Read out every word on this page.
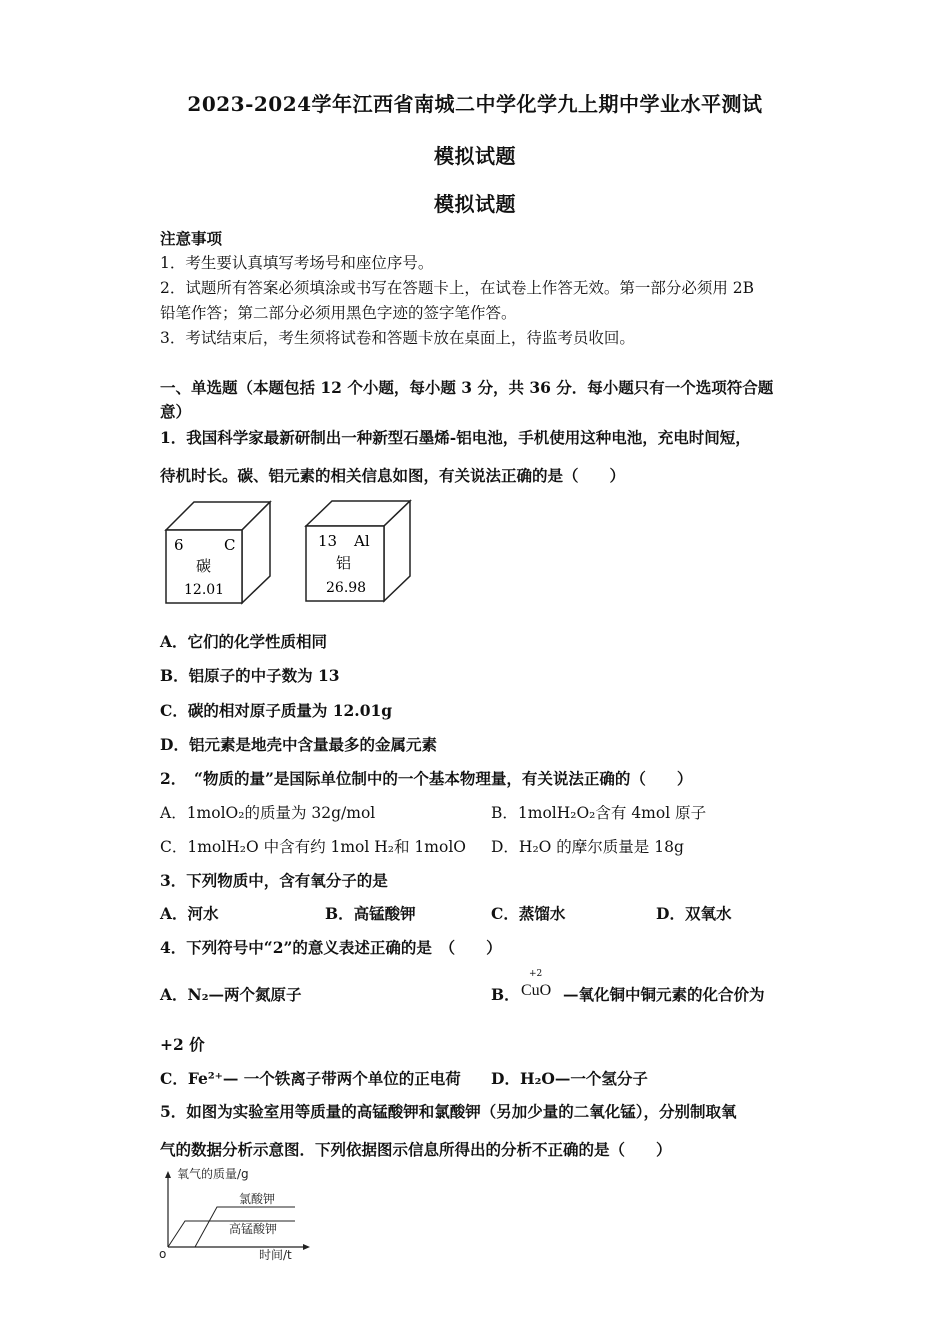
2023-2024学年江西省南城二中学化学九上期中学业水平测试
模拟试题
模拟试题
注意事项
1．考生要认真填写考场号和座位序号。
2．试题所有答案必须填涂或书写在答题卡上，在试卷上作答无效。第一部分必须用 2B
铅笔作答；第二部分必须用黑色字迹的签字笔作答。
3．考试结束后，考生须将试卷和答题卡放在桌面上，待监考员收回。
一、单选题（本题包括 12 个小题，每小题 3 分，共 36 分．每小题只有一个选项符合题
意）
1．我国科学家最新研制出一种新型石墨烯-铝电池，手机使用这种电池，充电时间短，
待机时长。碳、铝元素的相关信息如图，有关说法正确的是（　　）
6	C
碳
12.01
13 Al
铝
26.98
A．它们的化学性质相同
B．铝原子的中子数为 13
C．碳的相对原子质量为 12.01g
D．铝元素是地壳中含量最多的金属元素
2．　“物质的量”是国际单位制中的一个基本物理量，有关说法正确的（　　）
A．1molO₂的质量为 32g/mol	B．1molH₂O₂含有 4mol 原子
C．1molH₂O 中含有约 1mol H₂和 1molO D．H₂O 的摩尔质量是 18g
3．下列物质中，含有氧分子的是
A．河水	B．高锰酸钾	C．蒸馏水	D．双氧水
4．下列符号中“2”的意义表述正确的是　（　　）
A．N₂—两个氮原子	B．
+2
CuO —氧化铜中铜元素的化合价为
+2 价
C．Fe²⁺— 一个铁离子带两个单位的正电荷 D．H₂O—一个氢分子
5．如图为实验室用等质量的高锰酸钾和氯酸钾（另加少量的二氧化锰），分别制取氧
气的数据分析示意图．下列依据图示信息所得出的分析不正确的是（　　）
氧气的质量/g
时间/t
o
氯酸钾
高锰酸钾
